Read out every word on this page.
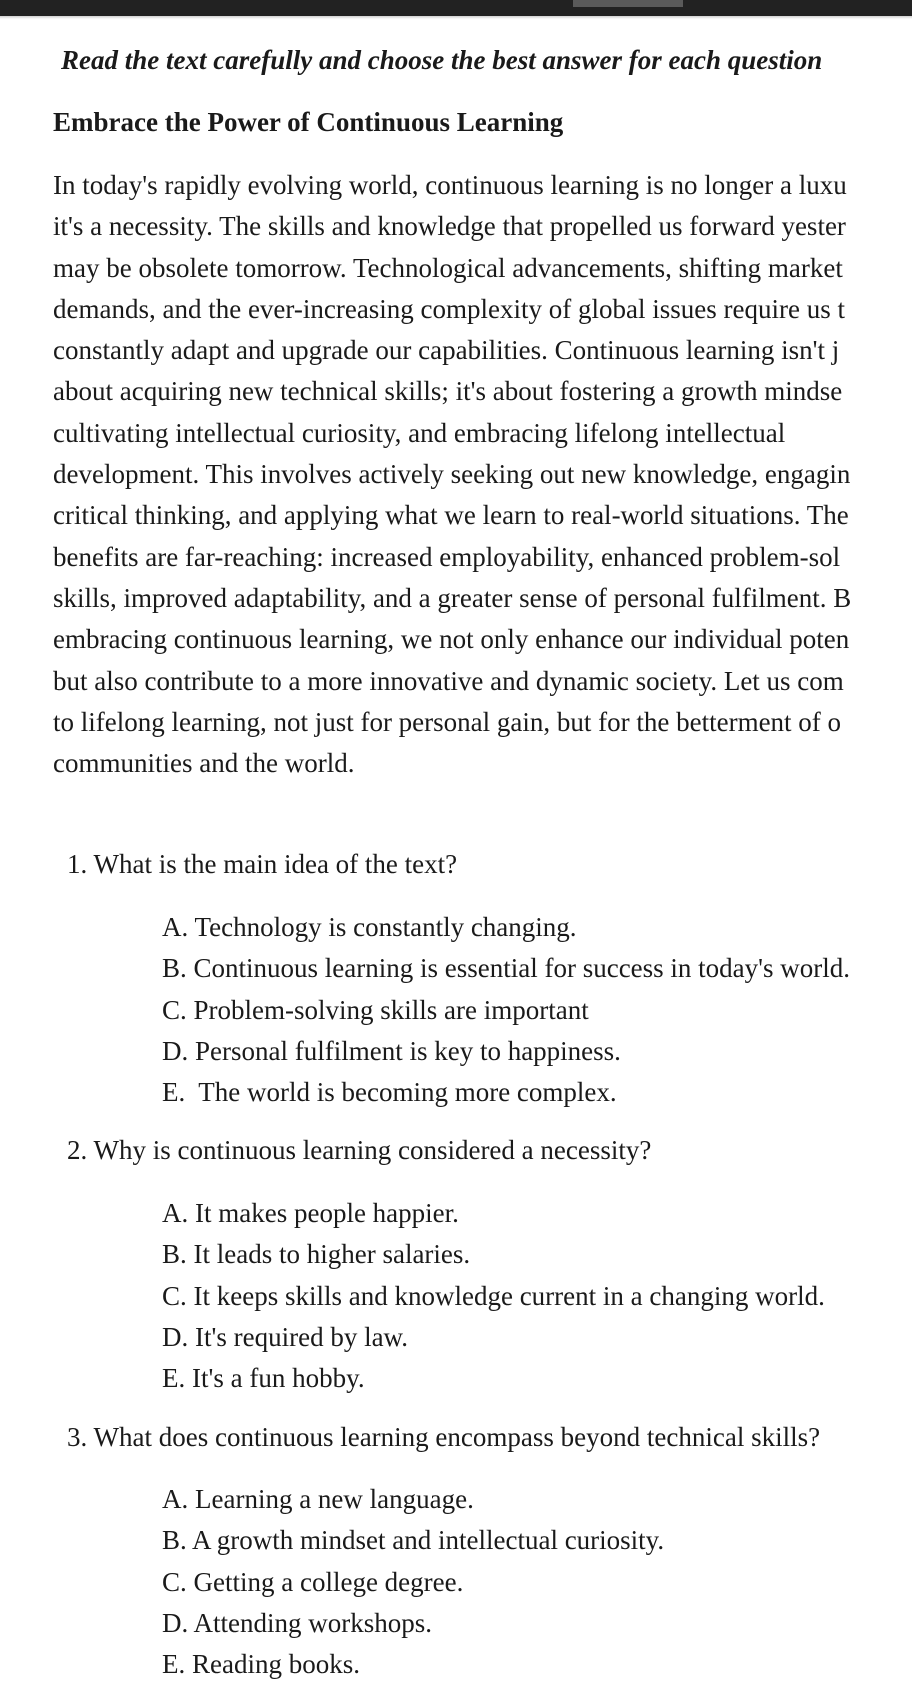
Read the text carefully and choose the best answer for each question

Embrace the Power of Continuous Learning
In today's rapidly evolving world, continuous learning is no longer a luxu
it's a necessity. The skills and knowledge that propelled us forward yester
may be obsolete tomorrow. Technological advancements, shifting market
demands, and the ever-increasing complexity of global issues require us t
constantly adapt and upgrade our capabilities. Continuous learning isn't j
about acquiring new technical skills; it's about fostering a growth mindse
cultivating intellectual curiosity, and embracing lifelong intellectual
development. This involves actively seeking out new knowledge, engagin
critical thinking, and applying what we learn to real-world situations. The
benefits are far-reaching: increased employability, enhanced problem-sol
skills, improved adaptability, and a greater sense of personal fulfilment. B
embracing continuous learning, we not only enhance our individual poten
but also contribute to a more innovative and dynamic society. Let us com
to lifelong learning, not just for personal gain, but for the betterment of o
communities and the world.

1. What is the main idea of the text?

A. Technology is constantly changing.
B. Continuous learning is essential for success in today's world.
C. Problem-solving skills are important
D. Personal fulfilment is key to happiness.
E.  The world is becoming more complex.

2. Why is continuous learning considered a necessity?

A. It makes people happier.
B. It leads to higher salaries.
C. It keeps skills and knowledge current in a changing world.
D. It's required by law.
E. It's a fun hobby.

3. What does continuous learning encompass beyond technical skills?

A. Learning a new language.
B. A growth mindset and intellectual curiosity.
C. Getting a college degree.
D. Attending workshops.
E. Reading books.
